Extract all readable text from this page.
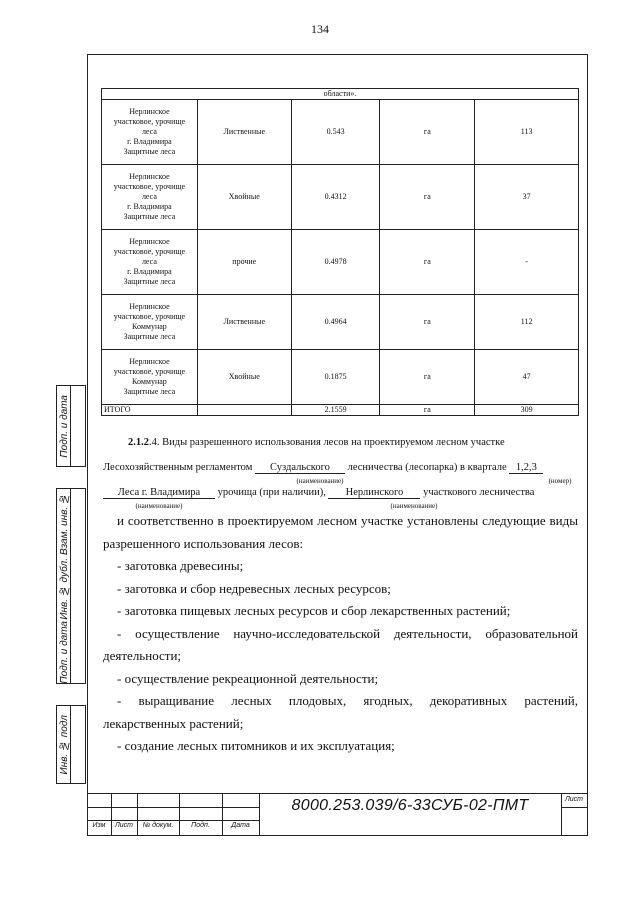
134
Подп. и дата
Взам. инв. №
Инв. № дубл.
Подп. и дата
Инв. № подл
области».				
Нерлинское
участковое, урочище
леса
г. Владимира
Защитные леса	Лиственные	0.543	га	113
Нерлинское
участковое, урочище
леса
г. Владимира
Защитные леса	Хвойные	0.4312	га	37
Нерлинское
участковое, урочище
леса
г. Владимира
Защитные леса	прочие	0.4978	га	-
Нерлинское
участковое, урочище
Коммунар
Защитные леса	Лиственные	0.4964	га	112
Нерлинское
участковое, урочище
Коммунар
Защитные леса	Хвойные	0.1875	га	47
ИТОГО		2.1559	га	309
2.1.2.4. Виды разрешенного использования лесов на проектируемом лесном участке
Лесохозяйственным регламентом Суздальского лесничества (лесопарка) в квартале 1,2,3
(наименование)	(номер)
Леса г. Владимира урочища (при наличии), Нерлинского участкового лесничества
(наименование)	(наименование)

и соответственно в проектируемом лесном участке установлены следующие виды разрешенного использования лесов:

- заготовка древесины;

- заготовка и сбор недревесных лесных ресурсов;

- заготовка пищевых лесных ресурсов и сбор лекарственных растений;

- осуществление научно-исследовательской деятельности, образовательной деятельности;

- осуществление рекреационной деятельности;

- выращивание лесных плодовых, ягодных, декоративных растений, лекарственных растений;

- создание лесных питомников и их эксплуатация;

8000.253.039/6-33СУБ-02-ПМТ	Лист
Изм	Лист	№ докум.	Подп.	Дата
